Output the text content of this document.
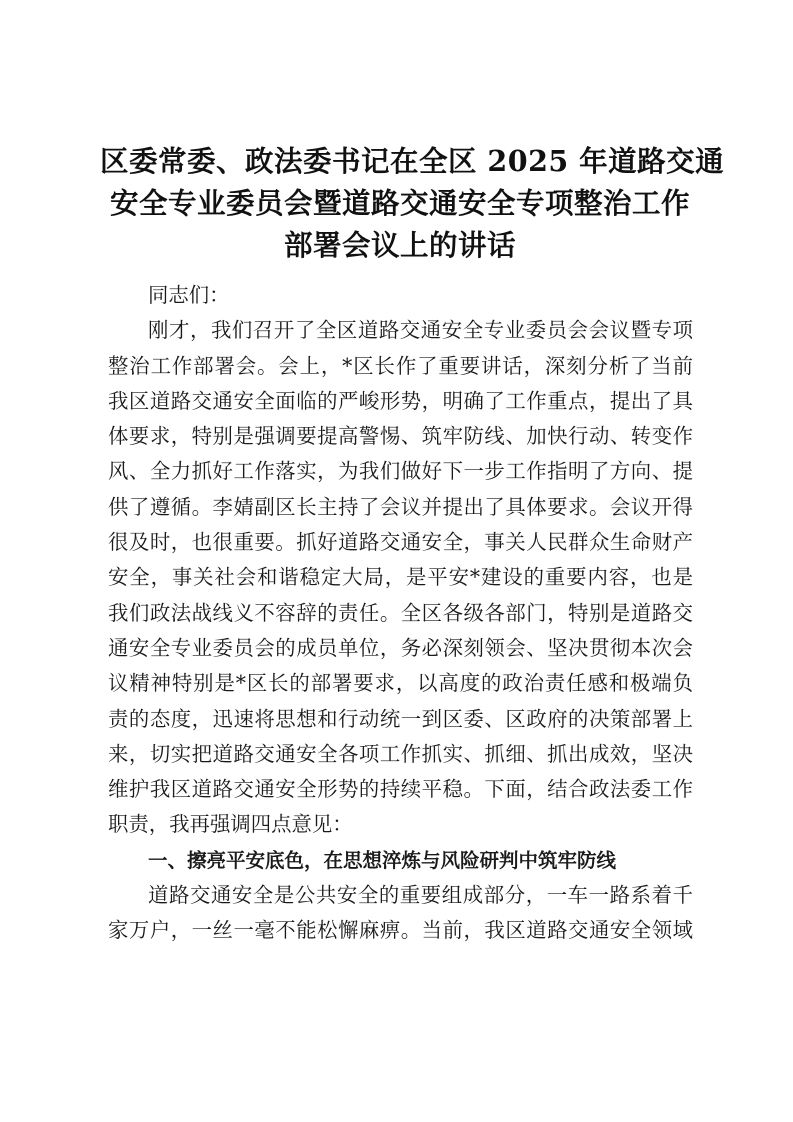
区委常委、政法委书记在全区 2025 年道路交通
安全专业委员会暨道路交通安全专项整治工作
部署会议上的讲话
同志们：
刚才，我们召开了全区道路交通安全专业委员会会议暨专项
整治工作部署会。会上，*区长作了重要讲话，深刻分析了当前
我区道路交通安全面临的严峻形势，明确了工作重点，提出了具
体要求，特别是强调要提高警惕、筑牢防线、加快行动、转变作
风、全力抓好工作落实，为我们做好下一步工作指明了方向、提
供了遵循。李婧副区长主持了会议并提出了具体要求。会议开得
很及时，也很重要。抓好道路交通安全，事关人民群众生命财产
安全，事关社会和谐稳定大局，是平安*建设的重要内容，也是
我们政法战线义不容辞的责任。全区各级各部门，特别是道路交
通安全专业委员会的成员单位，务必深刻领会、坚决贯彻本次会
议精神特别是*区长的部署要求，以高度的政治责任感和极端负
责的态度，迅速将思想和行动统一到区委、区政府的决策部署上
来，切实把道路交通安全各项工作抓实、抓细、抓出成效，坚决
维护我区道路交通安全形势的持续平稳。下面，结合政法委工作
职责，我再强调四点意见：
一、擦亮平安底色，在思想淬炼与风险研判中筑牢防线
道路交通安全是公共安全的重要组成部分，一车一路系着千
家万户，一丝一毫不能松懈麻痹。当前，我区道路交通安全领域
